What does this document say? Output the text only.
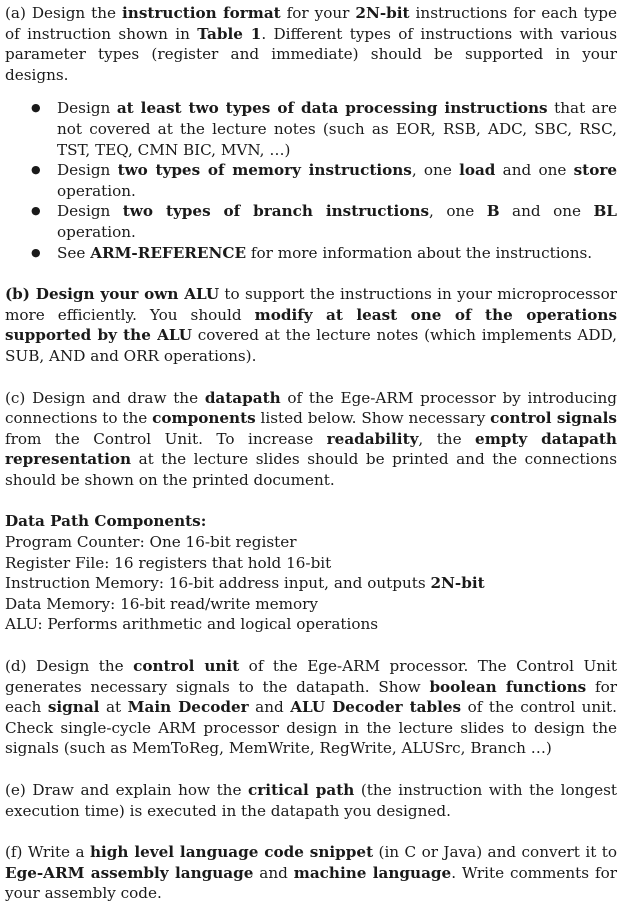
(a) Design the instruction format for your 2N-bit instructions for each type of instruction shown in Table 1. Different types of instructions with various parameter types (register and immediate) should be supported in your designs.

● Design at least two types of data processing instructions that are not covered at the lecture notes (such as EOR, RSB, ADC, SBC, RSC, TST, TEQ, CMN BIC, MVN, …)
● Design two types of memory instructions, one load and one store operation.
● Design two types of branch instructions, one B and one BL operation.
● See ARM-REFERENCE for more information about the instructions.

(b) Design your own ALU to support the instructions in your microprocessor more efficiently. You should modify at least one of the operations supported by the ALU covered at the lecture notes (which implements ADD, SUB, AND and ORR operations).

(c) Design and draw the datapath of the Ege-ARM processor by introducing connections to the components listed below. Show necessary control signals from the Control Unit. To increase readability, the empty datapath representation at the lecture slides should be printed and the connections should be shown on the printed document.

Data Path Components:

Program Counter: One 16-bit register
Register File: 16 registers that hold 16-bit
Instruction Memory: 16-bit address input, and outputs 2N-bit
Data Memory: 16-bit read/write memory
ALU: Performs arithmetic and logical operations

(d) Design the control unit of the Ege-ARM processor. The Control Unit generates necessary signals to the datapath. Show boolean functions for each signal at Main Decoder and ALU Decoder tables of the control unit. Check single-cycle ARM processor design in the lecture slides to design the signals (such as MemToReg, MemWrite, RegWrite, ALUSrc, Branch …)

(e) Draw and explain how the critical path (the instruction with the longest execution time) is executed in the datapath you designed.

(f) Write a high level language code snippet (in C or Java) and convert it to Ege-ARM assembly language and machine language. Write comments for your assembly code.
